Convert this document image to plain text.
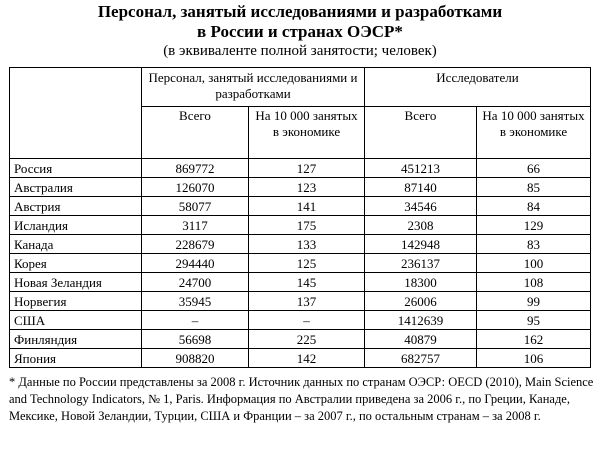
Персонал, занятый исследованиями и разработками
в России и странах ОЭСР*
(в эквиваленте полной занятости; человек)
	Персонал, занятый исследованиями и разработками		Исследователи	
	Всего	На 10 000 занятых в экономике	Всего	На 10 000 занятых в экономике
Россия	869772	127	451213	66
Австралия	126070	123	87140	85
Австрия	58077	141	34546	84
Исландия	3117	175	2308	129
Канада	228679	133	142948	83
Корея	294440	125	236137	100
Новая Зеландия	24700	145	18300	108
Норвегия	35945	137	26006	99
США	–	–	1412639	95
Финляндия	56698	225	40879	162
Япония	908820	142	682757	106
* Данные по России представлены за 2008 г. Источник данных по странам ОЭСР: OECD (2010), Main Science and Technology Indicators, № 1, Paris. Информация по Австралии приведена за 2006 г., по Греции, Канаде, Мексике, Новой Зеландии, Турции, США и Франции – за 2007 г., по остальным странам – за 2008 г.
